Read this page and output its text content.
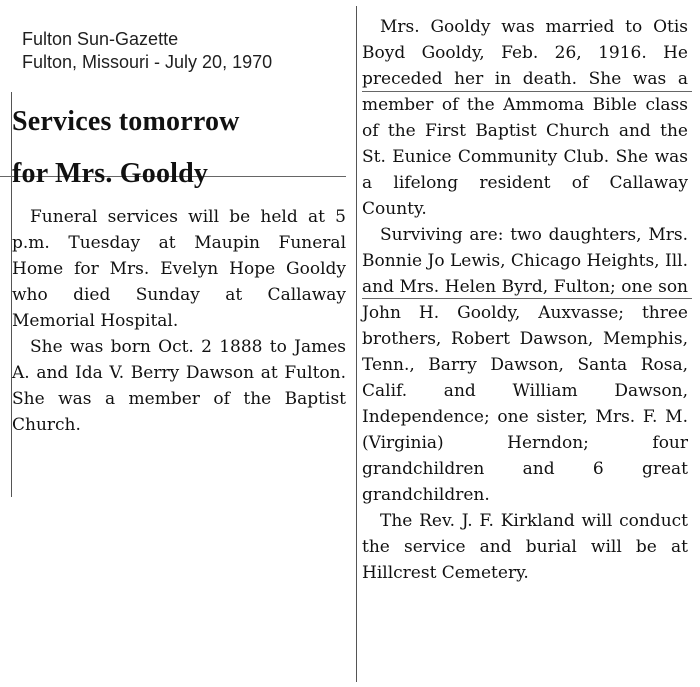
Fulton Sun-Gazette
Fulton, Missouri - July 20, 1970
Services tomorrow
for Mrs. Gooldy

Funeral services will be held at 5 p.m. Tuesday at Maupin Funeral Home for Mrs. Evelyn Hope Gooldy who died Sunday at Callaway Memorial Hospital.

She was born Oct. 2 1888 to James A. and Ida V. Berry Dawson at Fulton. She was a member of the Baptist Church.

Mrs. Gooldy was married to Otis Boyd Gooldy, Feb. 26, 1916. He preceded her in death. She was a member of the Ammoma Bible class of the First Baptist Church and the St. Eunice Community Club. She was a lifelong resident of Callaway County.

Surviving are: two daughters, Mrs. Bonnie Jo Lewis, Chicago Heights, Ill. and Mrs. Helen Byrd, Fulton; one son John H. Gooldy, Auxvasse; three brothers, Robert Dawson, Memphis, Tenn., Barry Dawson, Santa Rosa, Calif. and William Dawson, Independence; one sister, Mrs. F. M. (Virginia) Herndon; four grandchildren and 6 great grandchildren.

The Rev. J. F. Kirkland will conduct the service and burial will be at Hillcrest Cemetery.
